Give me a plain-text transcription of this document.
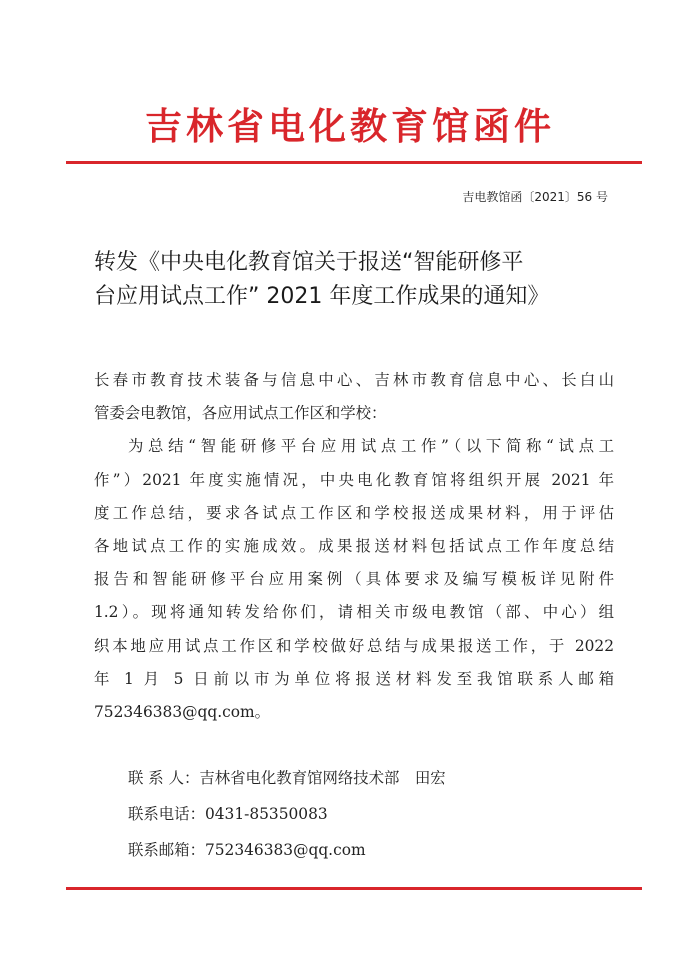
吉林省电化教育馆函件
吉电教馆函〔2021〕56 号
转发《中央电化教育馆关于报送“智能研修平
台应用试点工作” 2021 年度工作成果的通知》
长春市教育技术装备与信息中心、吉林市教育信息中心、长白山
管委会电教馆，各应用试点工作区和学校：
为总结“智能研修平台应用试点工作”（以下简称“试点工
作”）2021 年度实施情况，中央电化教育馆将组织开展 2021 年
度工作总结，要求各试点工作区和学校报送成果材料，用于评估
各地试点工作的实施成效。成果报送材料包括试点工作年度总结
报告和智能研修平台应用案例（具体要求及编写模板详见附件
1.2）。现将通知转发给你们，请相关市级电教馆（部、中心）组
织本地应用试点工作区和学校做好总结与成果报送工作，于 2022
年 1 月 5 日前以市为单位将报送材料发至我馆联系人邮箱
752346383@qq.com。
联 系 人：吉林省电化教育馆网络技术部　田宏
联系电话：0431-85350083
联系邮箱：752346383@qq.com
